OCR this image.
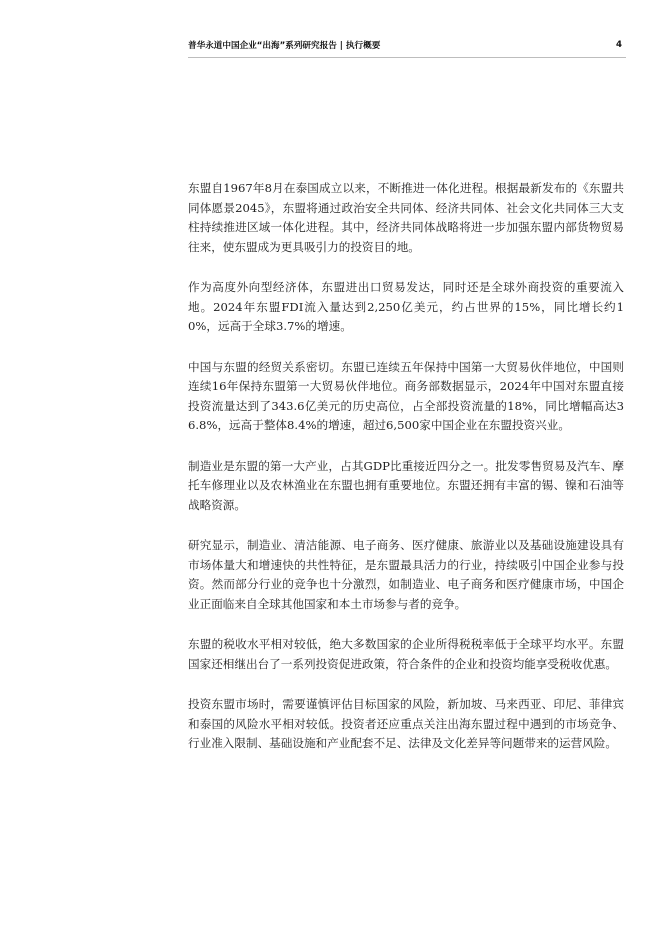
普华永道中国企业“出海”系列研究报告 | 执行概要	4

东盟自1967年8月在泰国成立以来，不断推进一体化进程。根据最新发布的《东盟共同体愿景2045》，东盟将通过政治安全共同体、经济共同体、社会文化共同体三大支柱持续推进区域一体化进程。其中，经济共同体战略将进一步加强东盟内部货物贸易往来，使东盟成为更具吸引力的投资目的地。

作为高度外向型经济体，东盟进出口贸易发达，同时还是全球外商投资的重要流入地。2024年东盟FDI流入量达到2,250亿美元，约占世界的15%，同比增长约10%，远高于全球3.7%的增速。

中国与东盟的经贸关系密切。东盟已连续五年保持中国第一大贸易伙伴地位，中国则连续16年保持东盟第一大贸易伙伴地位。商务部数据显示，2024年中国对东盟直接投资流量达到了343.6亿美元的历史高位，占全部投资流量的18%，同比增幅高达36.8%，远高于整体8.4%的增速，超过6,500家中国企业在东盟投资兴业。

制造业是东盟的第一大产业，占其GDP比重接近四分之一。批发零售贸易及汽车、摩托车修理业以及农林渔业在东盟也拥有重要地位。东盟还拥有丰富的锡、镍和石油等战略资源。

研究显示，制造业、清洁能源、电子商务、医疗健康、旅游业以及基础设施建设具有市场体量大和增速快的共性特征，是东盟最具活力的行业，持续吸引中国企业参与投资。然而部分行业的竞争也十分激烈，如制造业、电子商务和医疗健康市场，中国企业正面临来自全球其他国家和本土市场参与者的竞争。

东盟的税收水平相对较低，绝大多数国家的企业所得税税率低于全球平均水平。东盟国家还相继出台了一系列投资促进政策，符合条件的企业和投资均能享受税收优惠。

投资东盟市场时，需要谨慎评估目标国家的风险，新加坡、马来西亚、印尼、菲律宾和泰国的风险水平相对较低。投资者还应重点关注出海东盟过程中遇到的市场竞争、行业准入限制、基础设施和产业配套不足、法律及文化差异等问题带来的运营风险。
